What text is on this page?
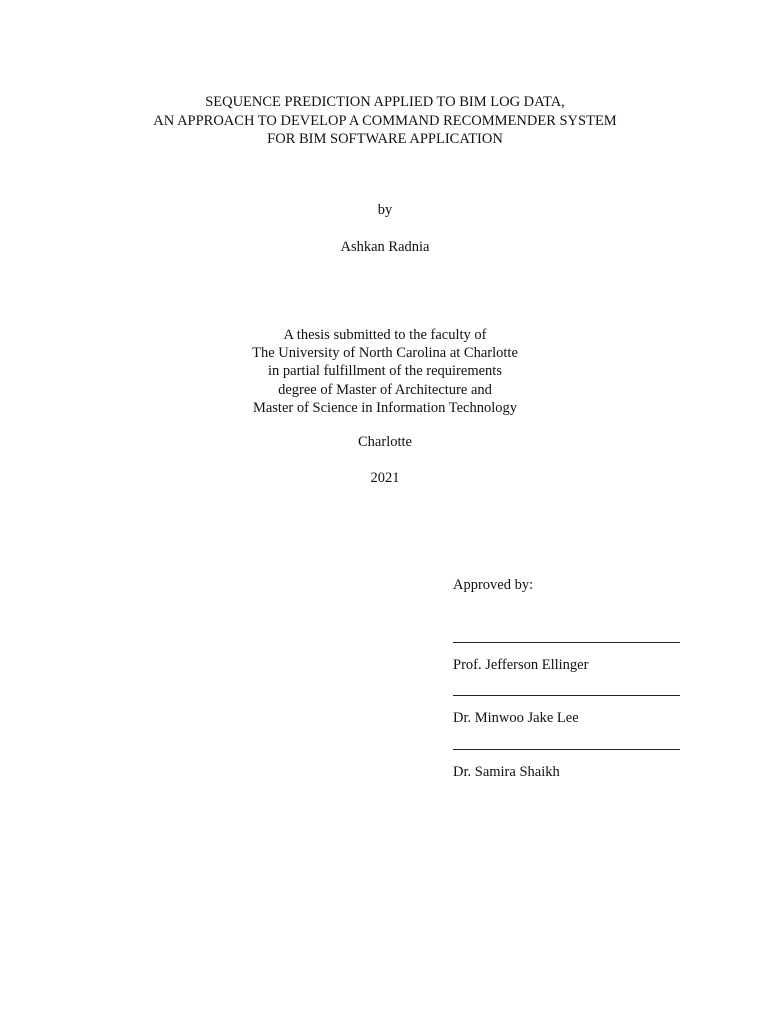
SEQUENCE PREDICTION APPLIED TO BIM LOG DATA,
AN APPROACH TO DEVELOP A COMMAND RECOMMENDER SYSTEM
FOR BIM SOFTWARE APPLICATION
by
Ashkan Radnia
A thesis submitted to the faculty of
The University of North Carolina at Charlotte
in partial fulfillment of the requirements
degree of Master of Architecture and
Master of Science in Information Technology
Charlotte
2021

Approved by:

Prof. Jefferson Ellinger
Dr. Minwoo Jake Lee
Dr. Samira Shaikh
